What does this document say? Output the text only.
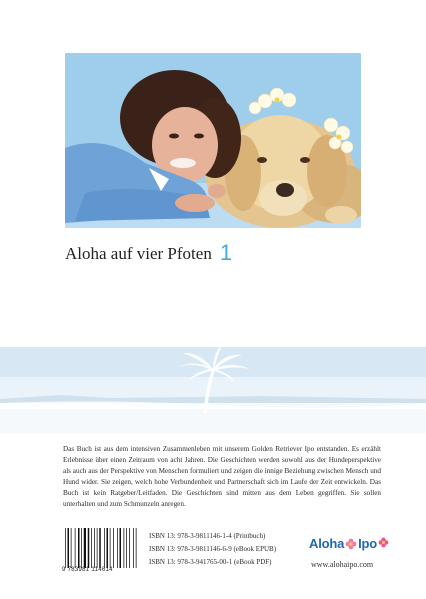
Aloha auf vier Pfoten 1
Das Buch ist aus dem intensiven Zusammenleben mit unserem Golden Retriever Ipo entstanden. Es erzählt Erlebnisse über einen Zeitraum von acht Jahren. Die Geschichten werden sowohl aus der Hundeperspektive als auch aus der Perspektive von Menschen formuliert und zeigen die innige Beziehung zwischen Mensch und Hund wider. Sie zeigen, welch hohe Verbundenheit und Partnerschaft sich im Laufe der Zeit entwickeln. Das Buch ist kein Ratgeber/Leitfaden. Die Geschichten sind mitten aus dem Leben gegriffen. Sie sollen unterhalten und zum Schmunzeln anregen.
9 783981 114614
ISBN 13: 978-3-9811146-1-4 (Printbuch)
ISBN 13: 978-3-9811146-6-9 (eBook EPUB)
ISBN 13: 978-3-941765-00-1 (eBook PDF)
Aloha Ipo
www.alohaipo.com
